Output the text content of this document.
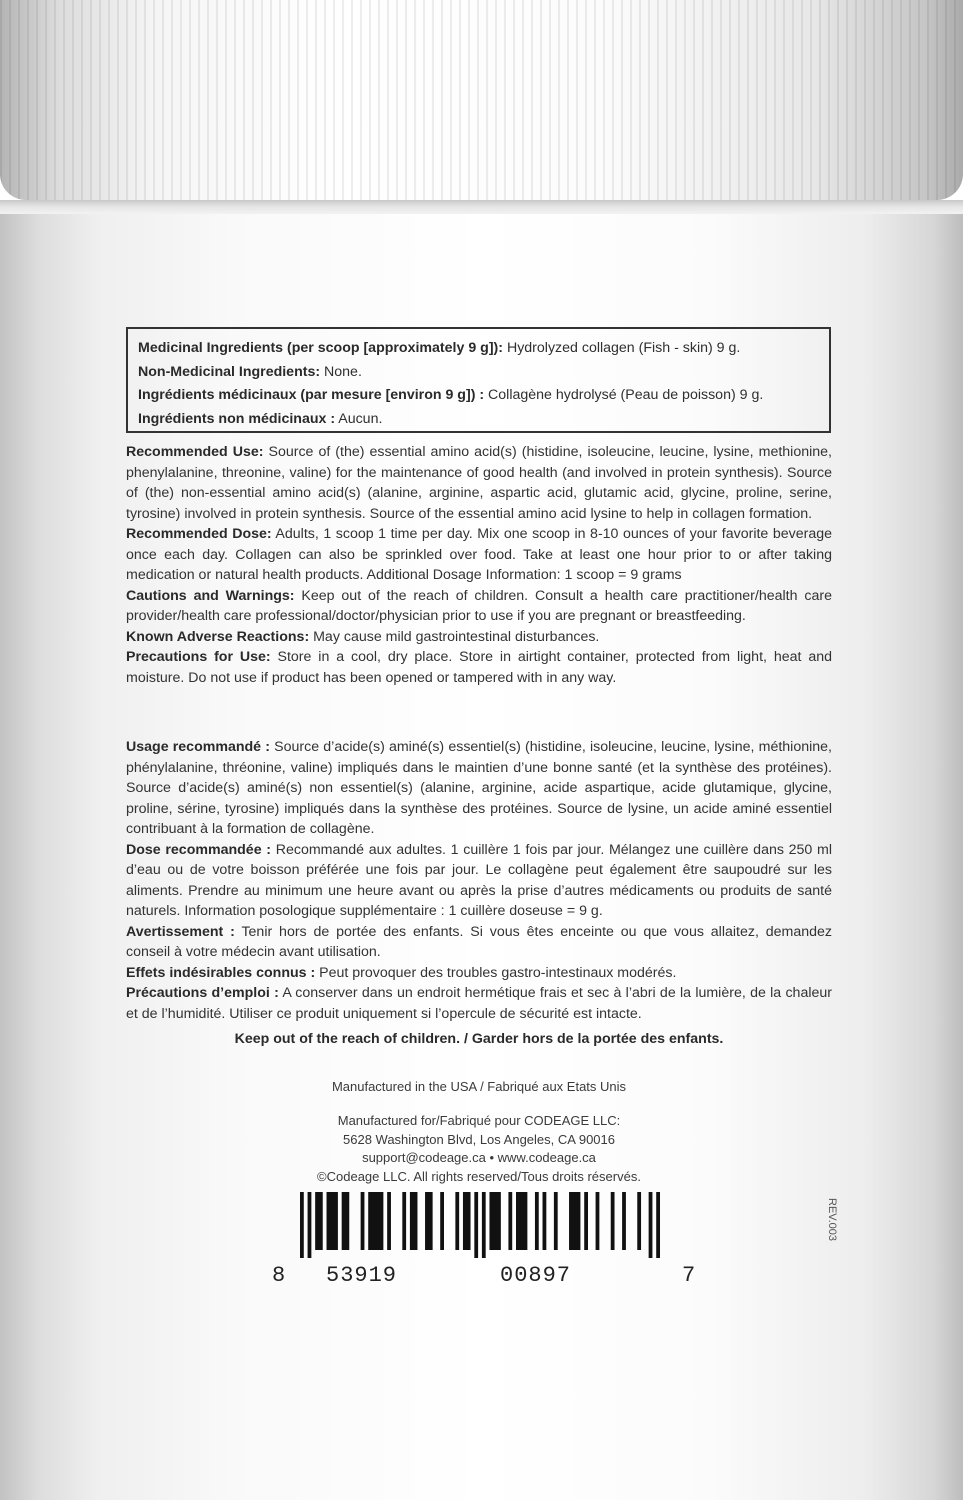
Medicinal Ingredients (per scoop [approximately 9 g]): Hydrolyzed collagen (Fish - skin) 9 g.
Non-Medicinal Ingredients: None.
Ingrédients médicinaux (par mesure [environ 9 g]) : Collagène hydrolysé (Peau de poisson) 9 g.
Ingrédients non médicinaux : Aucun.

Recommended Use: Source of (the) essential amino acid(s) (histidine, isoleucine, leucine, lysine, methionine, phenylalanine, threonine, valine) for the maintenance of good health (and involved in protein synthesis). Source of (the) non-essential amino acid(s) (alanine, arginine, aspartic acid, glutamic acid, glycine, proline, serine, tyrosine) involved in protein synthesis. Source of the essential amino acid lysine to help in collagen formation.

Recommended Dose: Adults, 1 scoop 1 time per day. Mix one scoop in 8-10 ounces of your favorite beverage once each day. Collagen can also be sprinkled over food. Take at least one hour prior to or after taking medication or natural health products. Additional Dosage Information: 1 scoop = 9 grams

Cautions and Warnings: Keep out of the reach of children. Consult a health care practitioner/health care provider/health care professional/doctor/physician prior to use if you are pregnant or breastfeeding.

Known Adverse Reactions: May cause mild gastrointestinal disturbances.

Precautions for Use: Store in a cool, dry place. Store in airtight container, protected from light, heat and moisture. Do not use if product has been opened or tampered with in any way.

Usage recommandé : Source d’acide(s) aminé(s) essentiel(s) (histidine, isoleucine, leucine, lysine, méthionine, phénylalanine, thréonine, valine) impliqués dans le maintien d’une bonne santé (et la synthèse des protéines). Source d’acide(s) aminé(s) non essentiel(s) (alanine, arginine, acide aspartique, acide glutamique, glycine, proline, sérine, tyrosine) impliqués dans la synthèse des protéines. Source de lysine, un acide aminé essentiel contribuant à la formation de collagène.

Dose recommandée : Recommandé aux adultes. 1 cuillère 1 fois par jour. Mélangez une cuillère dans 250 ml d’eau ou de votre boisson préférée une fois par jour. Le collagène peut également être saupoudré sur les aliments. Prendre au minimum une heure avant ou après la prise d’autres médicaments ou produits de santé naturels. Information posologique supplémentaire : 1 cuillère doseuse = 9 g.

Avertissement : Tenir hors de portée des enfants. Si vous êtes enceinte ou que vous allaitez, demandez conseil à votre médecin avant utilisation.

Effets indésirables connus : Peut provoquer des troubles gastro-intestinaux modérés.

Précautions d’emploi : A conserver dans un endroit hermétique frais et sec à l’abri de la lumière, de la chaleur et de l’humidité. Utiliser ce produit uniquement si l’opercule de sécurité est intacte.

Keep out of the reach of children. / Garder hors de la portée des enfants.
Manufactured in the USA / Fabriqué aux Etats Unis
Manufactured for/Fabriqué pour CODEAGE LLC:
5628 Washington Blvd, Los Angeles, CA 90016
support@codeage.ca • www.codeage.ca
©Codeage LLC. All rights reserved/Tous droits réservés.
8 53919	00897	7
REV.003
